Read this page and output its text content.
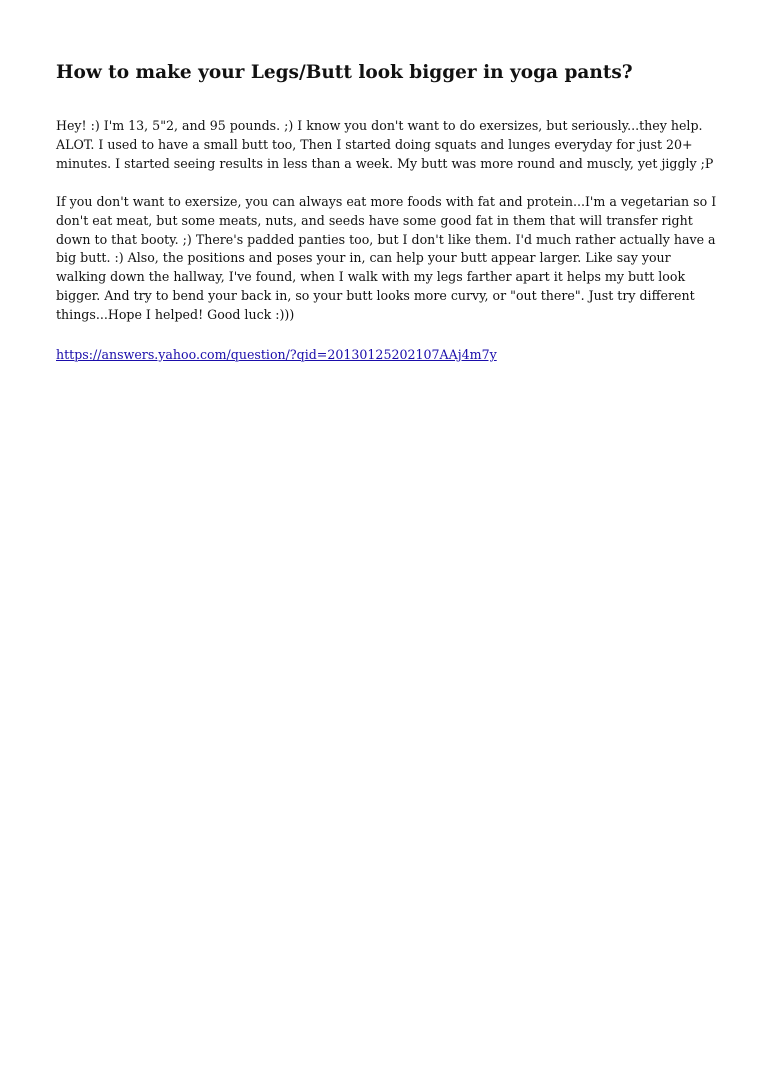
How to make your Legs/Butt look bigger in yoga pants?

Hey! :) I'm 13, 5"2, and 95 pounds. ;) I know you don't want to do exersizes, but seriously...they help. ALOT. I used to have a small butt too, Then I started doing squats and lunges everyday for just 20+ minutes. I started seeing results in less than a week. My butt was more round and muscly, yet jiggly ;P

If you don't want to exersize, you can always eat more foods with fat and protein...I'm a vegetarian so I don't eat meat, but some meats, nuts, and seeds have some good fat in them that will transfer right down to that booty. ;) There's padded panties too, but I don't like them. I'd much rather actually have a big butt. :) Also, the positions and poses your in, can help your butt appear larger. Like say your walking down the hallway, I've found, when I walk with my legs farther apart it helps my butt look bigger. And try to bend your back in, so your butt looks more curvy, or "out there". Just try different things...Hope I helped! Good luck :)))

https://answers.yahoo.com/question/?qid=20130125202107AAj4m7y
